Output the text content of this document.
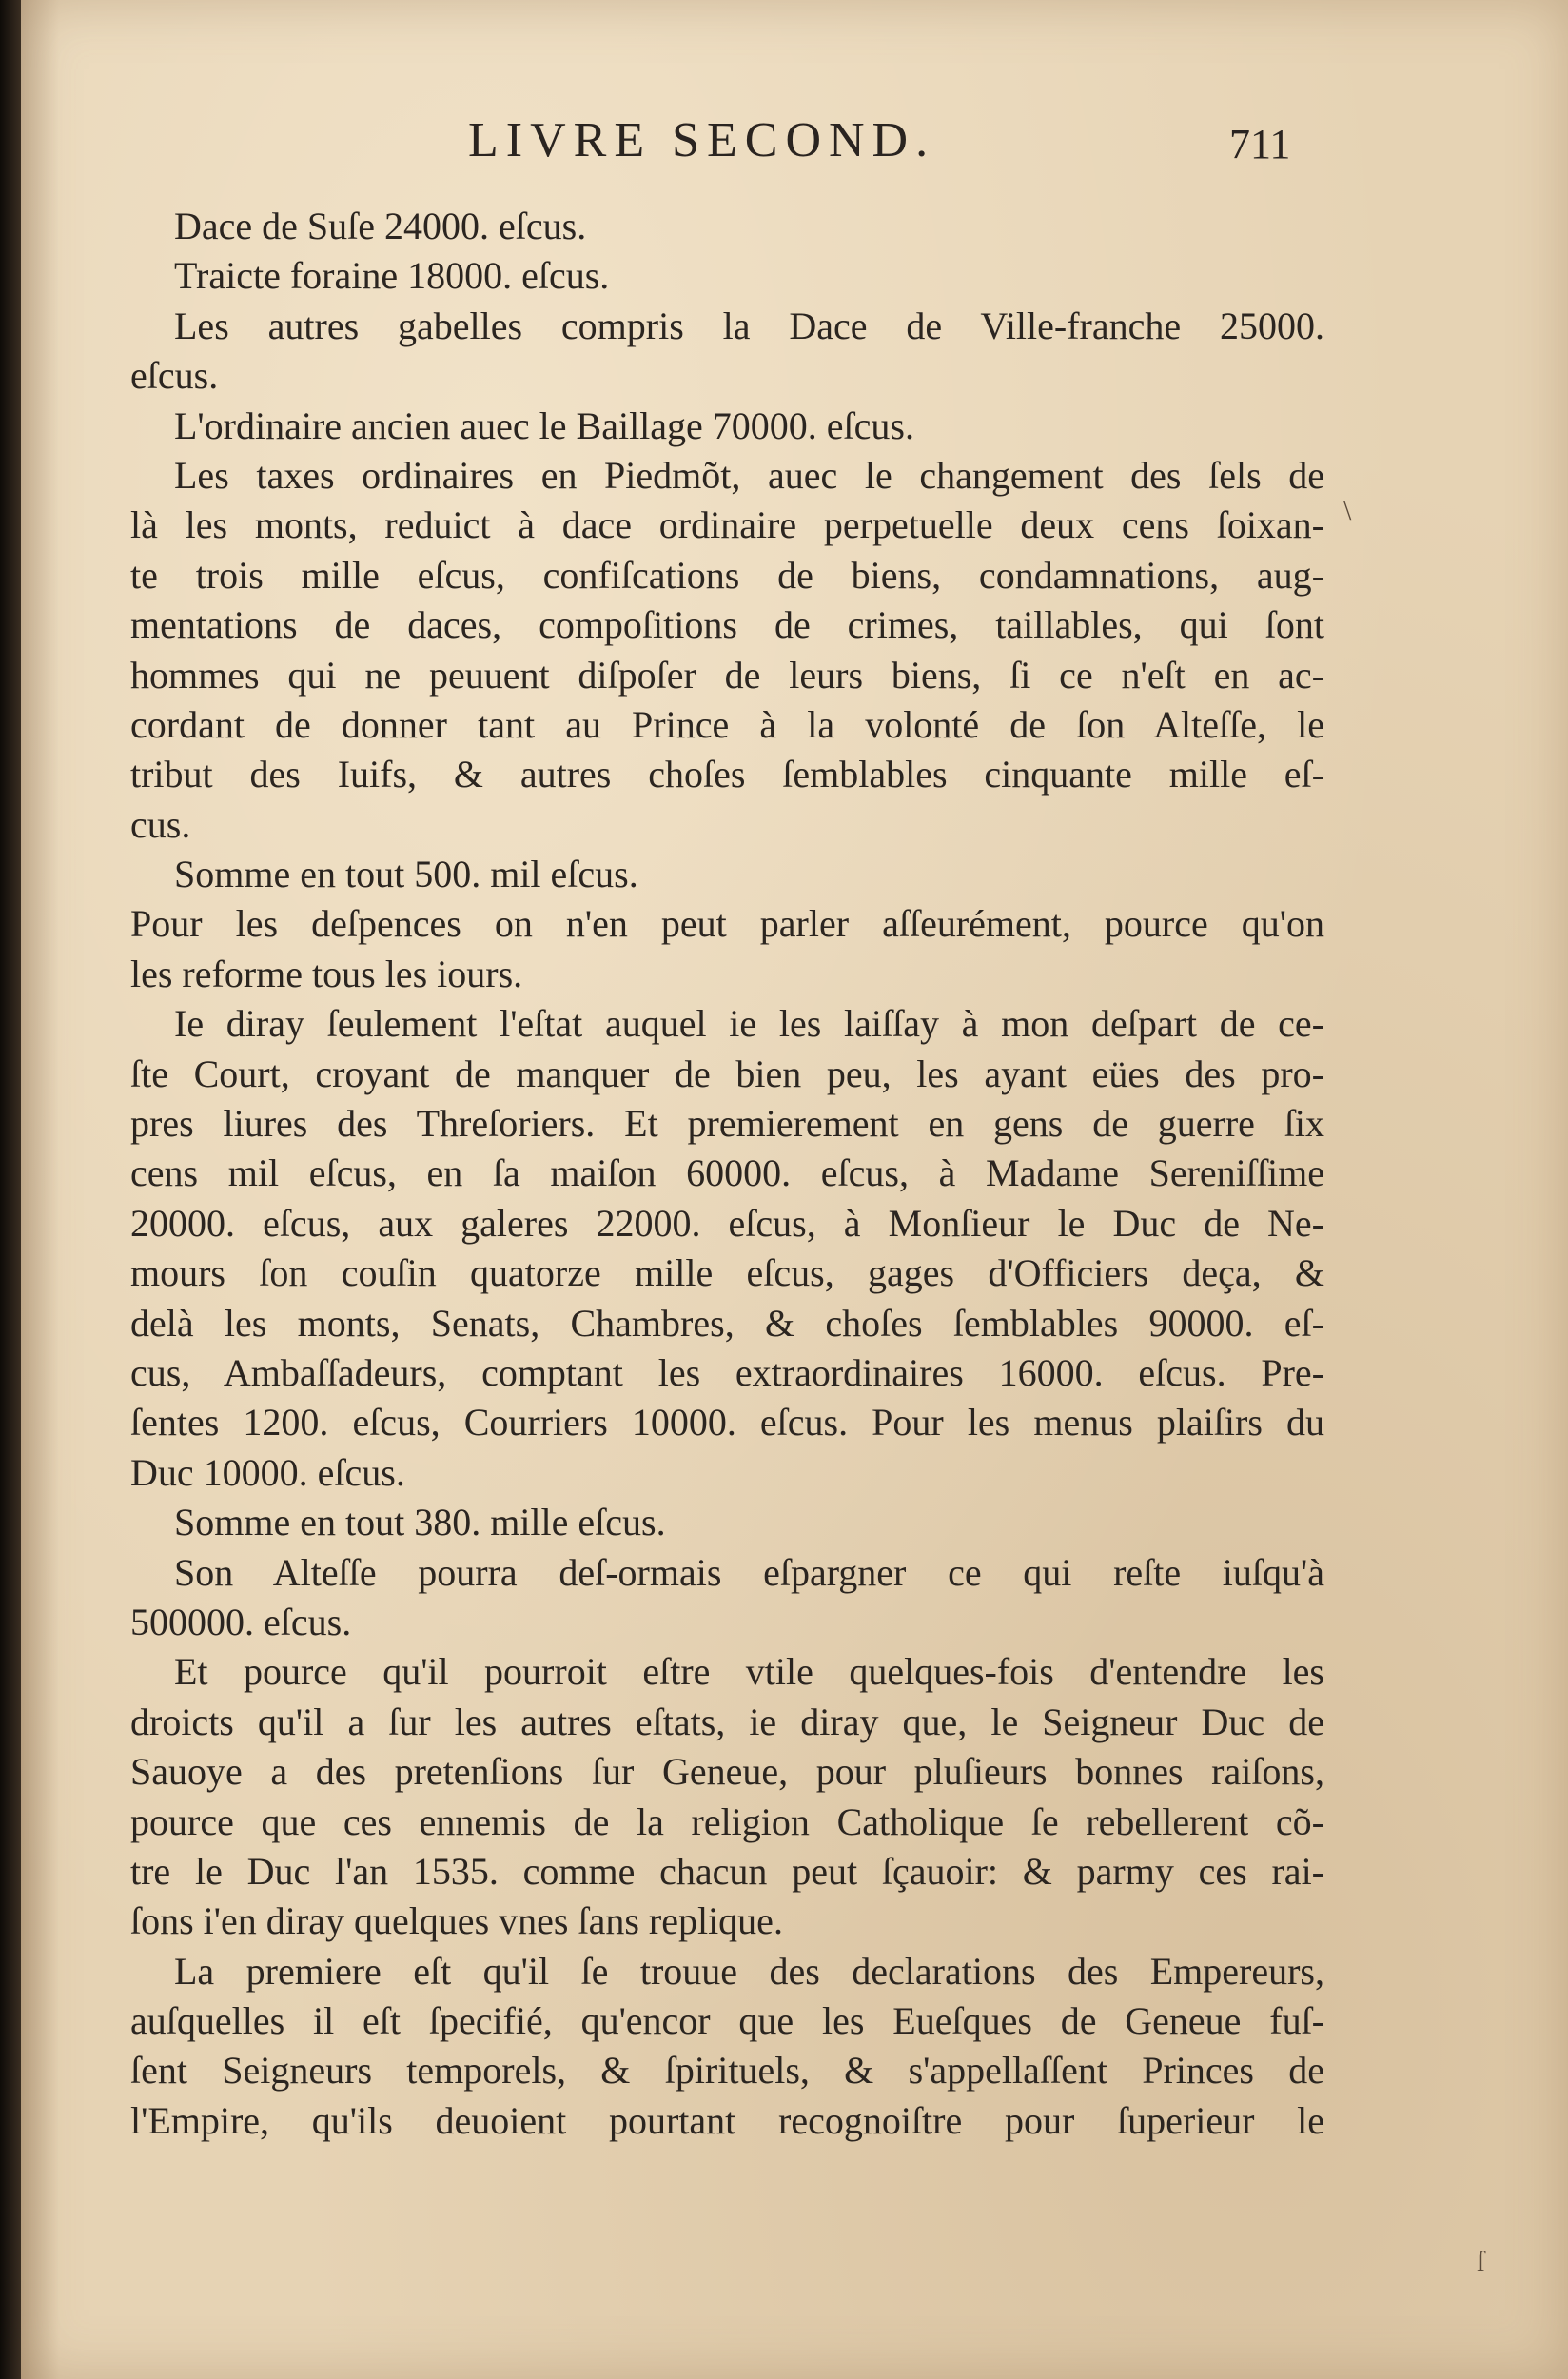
LIVRE SECOND.	711
Dace de Suſe 24000. eſcus.
Traicte foraine 18000. eſcus.
Les autres gabelles compris la Dace de Ville-franche 25000.
eſcus.
L'ordinaire ancien auec le Baillage 70000. eſcus.
Les taxes ordinaires en Piedmõt, auec le changement des ſels de
là les monts, reduict à dace ordinaire perpetuelle deux cens ſoixan-
te trois mille eſcus, confiſcations de biens, condamnations, aug-
mentations de daces, compoſitions de crimes, taillables, qui ſont
hommes qui ne peuuent diſpoſer de leurs biens, ſi ce n'eſt en ac-
cordant de donner tant au Prince à la volonté de ſon Alteſſe, le
tribut des Iuifs, & autres choſes ſemblables cinquante mille eſ-
cus.
Somme en tout 500. mil eſcus.
Pour les deſpences on n'en peut parler aſſeurément, pource qu'on
les reforme tous les iours.
Ie diray ſeulement l'eſtat auquel ie les laiſſay à mon deſpart de ce-
ſte Court, croyant de manquer de bien peu, les ayant eües des pro-
pres liures des Threſoriers. Et premierement en gens de guerre ſix
cens mil eſcus, en ſa maiſon 60000. eſcus, à Madame Sereniſſime
20000. eſcus, aux galeres 22000. eſcus, à Monſieur le Duc de Ne-
mours ſon couſin quatorze mille eſcus, gages d'Officiers deça, &
delà les monts, Senats, Chambres, & choſes ſemblables 90000. eſ-
cus, Ambaſſadeurs, comptant les extraordinaires 16000. eſcus. Pre-
ſentes 1200. eſcus, Courriers 10000. eſcus. Pour les menus plaiſirs du
Duc 10000. eſcus.
Somme en tout 380. mille eſcus.
Son Alteſſe pourra deſ-ormais eſpargner ce qui reſte iuſqu'à
500000. eſcus.
Et pource qu'il pourroit eſtre vtile quelques-fois d'entendre les
droicts qu'il a ſur les autres eſtats, ie diray que, le Seigneur Duc de
Sauoye a des pretenſions ſur Geneue, pour pluſieurs bonnes raiſons,
pource que ces ennemis de la religion Catholique ſe rebellerent cõ-
tre le Duc l'an 1535. comme chacun peut ſçauoir: & parmy ces rai-
ſons i'en diray quelques vnes ſans replique.
La premiere eſt qu'il ſe trouue des declarations des Empereurs,
auſquelles il eſt ſpecifié, qu'encor que les Eueſques de Geneue fuſ-
ſent Seigneurs temporels, & ſpirituels, & s'appellaſſent Princes de
l'Empire, qu'ils deuoient pourtant recognoiſtre pour ſuperieur le
\
ſ
